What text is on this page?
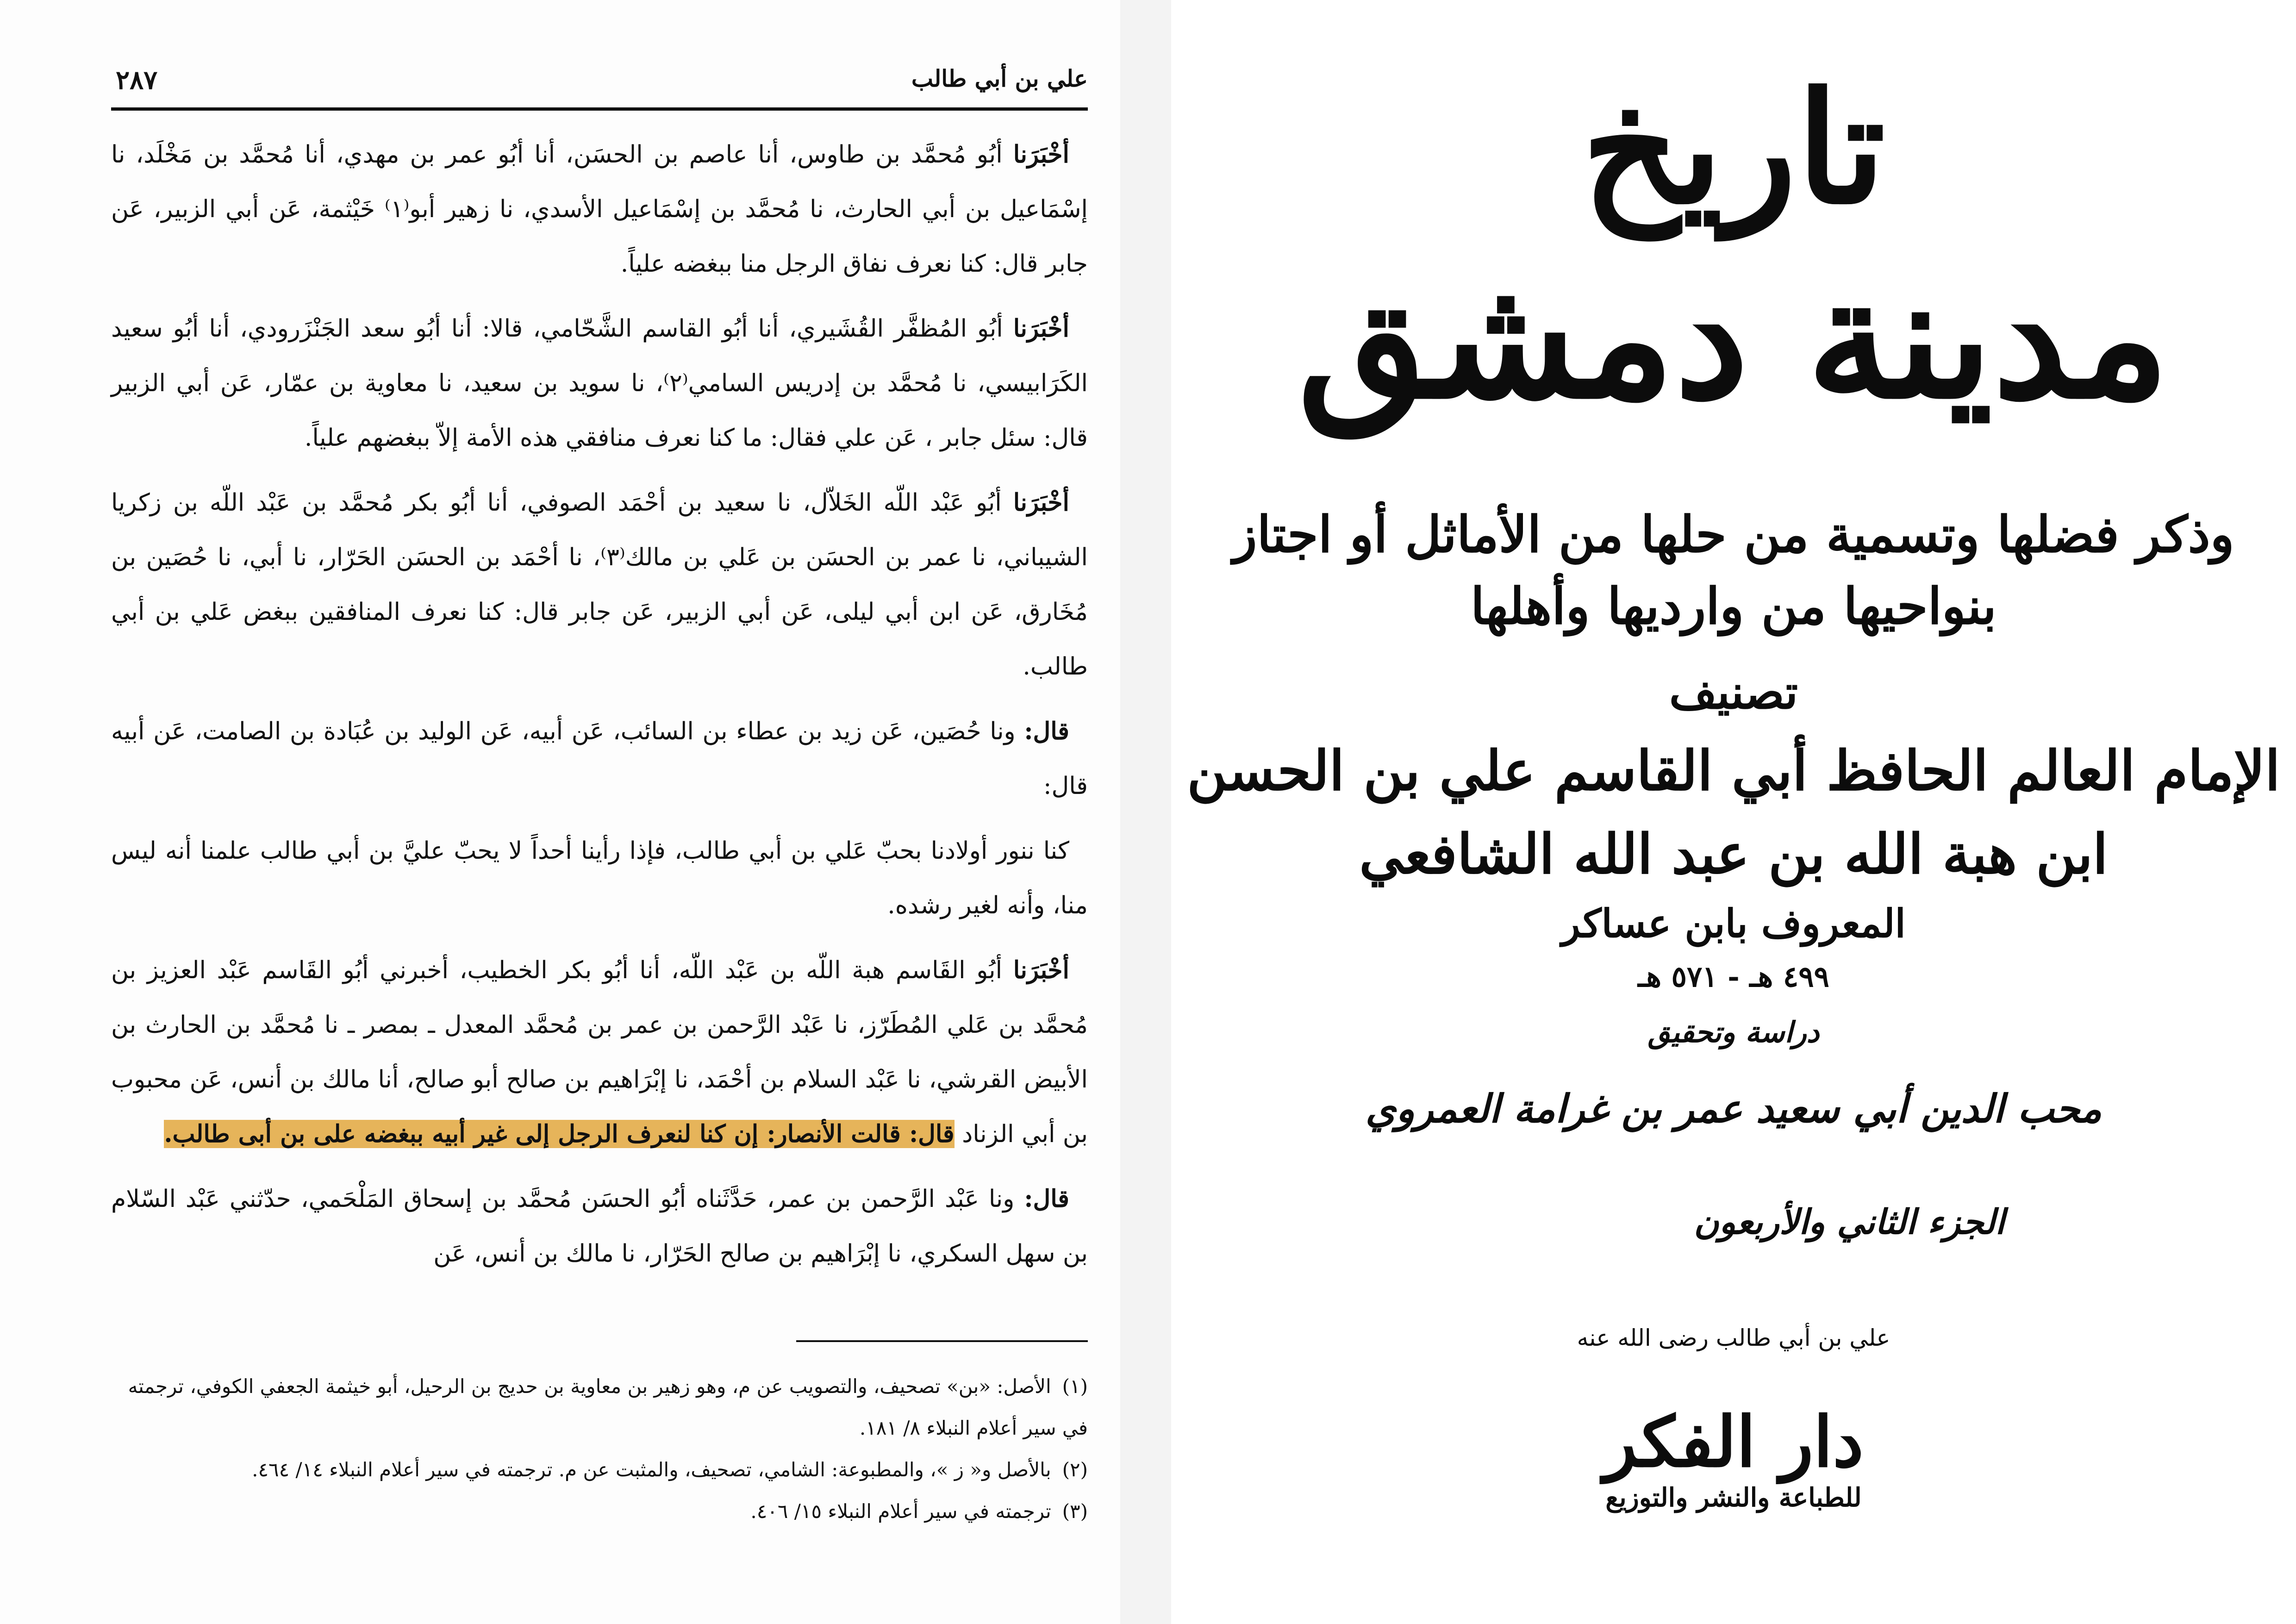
٢٨٧	علي بن أبي طالب

أخْبَرَنا أبُو مُحمَّد بن طاوس، أنا عاصم بن الحسَن، أنا أبُو عمر بن مهدي، أنا مُحمَّد بن مَخْلَد، نا إسْمَاعيل بن أبي الحارث، نا مُحمَّد بن إسْمَاعيل الأسدي، نا زهير أبو⁽١⁾ خَيْثمة، عَن أبي الزبير، عَن جابر قال: كنا نعرف نفاق الرجل منا ببغضه علياً.

أخْبَرَنا أبُو المُظفَّر القُشَيري، أنا أبُو القاسم الشَّحّامي، قالا: أنا أبُو سعد الجَنْزَرودي، أنا أبُو سعيد الكَرَابيسي، نا مُحمَّد بن إدريس السامي⁽٢⁾، نا سويد بن سعيد، نا معاوية بن عمّار، عَن أبي الزبير قال: سئل جابر ، عَن علي فقال: ما كنا نعرف منافقي هذه الأمة إلاّ ببغضهم علياً.

أخْبَرَنا أبُو عَبْد اللّه الخَلاّل، نا سعيد بن أحْمَد الصوفي، أنا أبُو بكر مُحمَّد بن عَبْد اللّه بن زكريا الشيباني، نا عمر بن الحسَن بن عَلي بن مالك⁽٣⁾، نا أحْمَد بن الحسَن الحَرّار، نا أبي، نا حُصَين بن مُخَارق، عَن ابن أبي ليلى، عَن أبي الزبير، عَن جابر قال: كنا نعرف المنافقين ببغض عَلي بن أبي طالب.

قال: ونا حُصَين، عَن زيد بن عطاء بن السائب، عَن أبيه، عَن الوليد بن عُبَادة بن الصامت، عَن أبيه قال:

كنا ننور أولادنا بحبّ عَلي بن أبي طالب، فإذا رأينا أحداً لا يحبّ عليَّ بن أبي طالب علمنا أنه ليس منا، وأنه لغير رشده.

أخْبَرَنا أبُو القَاسم هبة اللّه بن عَبْد اللّه، أنا أبُو بكر الخطيب، أخبرني أبُو القَاسم عَبْد العزيز بن مُحمَّد بن عَلي المُطَرّز، نا عَبْد الرَّحمن بن عمر بن مُحمَّد المعدل ـ بمصر ـ نا مُحمَّد بن الحارث بن الأبيض القرشي، نا عَبْد السلام بن أحْمَد، نا إبْرَاهيم بن صالح أبو صالح، أنا مالك بن أنس، عَن محبوب بن أبي الزناد قال: قالت الأنصار: إن كنا لنعرف الرجل إلى غير أبيه ببغضه على بن أبى طالب.

قال: ونا عَبْد الرَّحمن بن عمر، حَدَّثَناه أبُو الحسَن مُحمَّد بن إسحاق المَلْحَمي، حدّثني عَبْد السّلام بن سهل السكري، نا إبْرَاهيم بن صالح الحَرّار، نا مالك بن أنس، عَن

(١)الأصل: «بن» تصحيف، والتصويب عن م، وهو زهير بن معاوية بن حديج بن الرحيل، أبو خيثمة الجعفي الكوفي، ترجمته في سير أعلام النبلاء ٨/ ١٨١.

(٢)بالأصل و« ز »، والمطبوعة: الشامي، تصحيف، والمثبت عن م. ترجمته في سير أعلام النبلاء ١٤/ ٤٦٤.

(٣)ترجمته في سير أعلام النبلاء ١٥/ ٤٠٦.

تاريخ
مدينة دمشق
وذكر فضلها وتسمية من حلها من الأماثل أو اجتاز
بنواحيها من وارديها وأهلها
تصنيف
الإمام العالم الحافظ أبي القاسم علي بن الحسن
ابن هبة الله بن عبد الله الشافعي
المعروف بابن عساكر
٤٩٩ هـ - ٥٧١ هـ
دراسة وتحقيق
محب الدين أبي سعيد عمر بن غرامة العمروي
الجزء الثاني والأربعون
علي بن أبي طالب رضى الله عنه
دار الفكر
للطباعة والنشر والتوزيع
